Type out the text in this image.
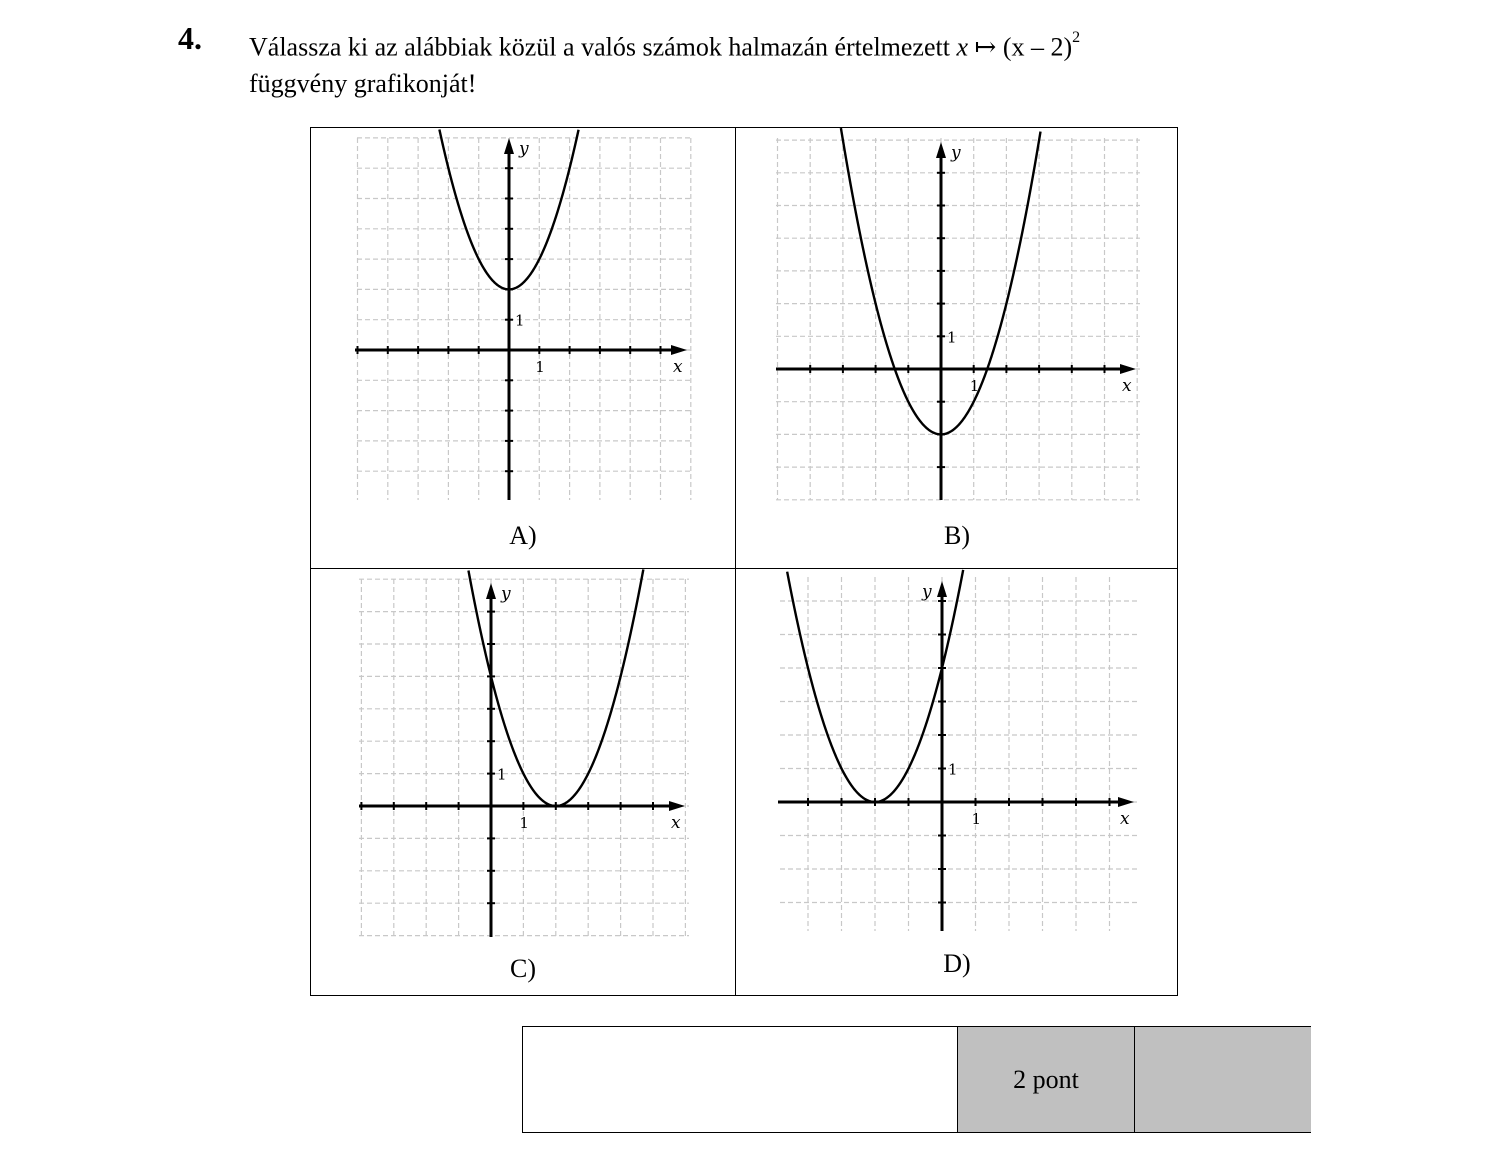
4. Válassza ki az alábbiak közül a valós számok halmazán értelmezett x ↦ (x – 2)$^2$
függvény grafikonját!
1
1
x
y
A)
1
1
x
y
B)
1
1
x
y
C)
1
1
x
y
D)
2 pont
